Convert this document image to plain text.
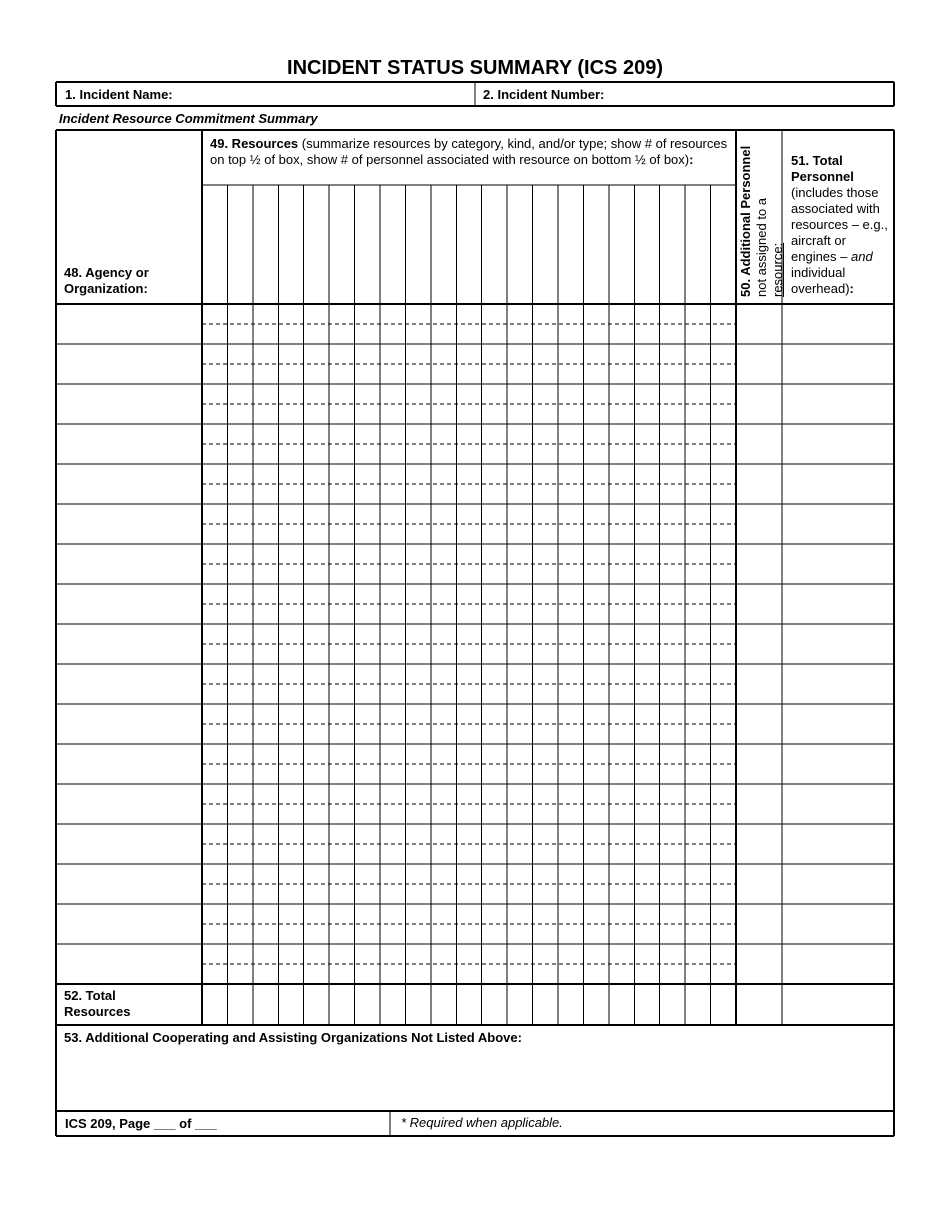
INCIDENT STATUS SUMMARY (ICS 209)
1. Incident Name:	2. Incident Number:
Incident Resource Commitment Summary
48. Agency or
Organization:
49. Resources (summarize resources by category, kind, and/or type; show # of resources on top ½ of box, show # of personnel associated with resource on bottom ½ of box):	50. Additional Personnel not assigned to a resource:
51. Total
Personnel
(includes those associated with resources – e.g., aircraft or engines – and individual overhead):
52. Total
Resources
53. Additional Cooperating and Assisting Organizations Not Listed Above:
ICS 209, Page ___ of ___	* Required when applicable.
